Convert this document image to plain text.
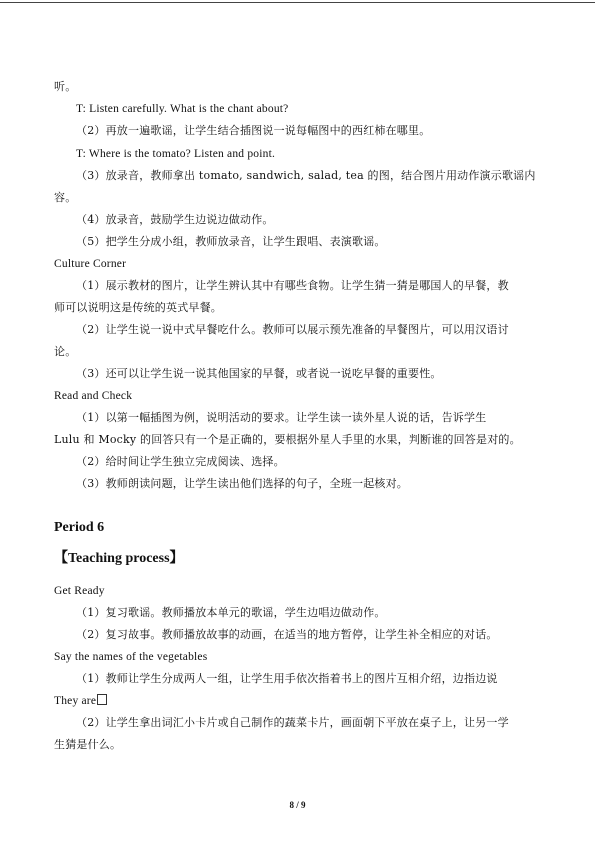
听。
T: Listen carefully. What is the chant about?
（2）再放一遍歌谣，让学生结合插图说一说每幅图中的西红柿在哪里。
T: Where is the tomato? Listen and point.
（3）放录音，教师拿出 tomato, sandwich, salad, tea 的图，结合图片用动作演示歌谣内
容。
（4）放录音，鼓励学生边说边做动作。
（5）把学生分成小组，教师放录音，让学生跟唱、表演歌谣。
Culture Corner
（1）展示教材的图片，让学生辨认其中有哪些食物。让学生猜一猜是哪国人的早餐，教
师可以说明这是传统的英式早餐。
（2）让学生说一说中式早餐吃什么。教师可以展示预先准备的早餐图片，可以用汉语讨
论。
（3）还可以让学生说一说其他国家的早餐，或者说一说吃早餐的重要性。
Read and Check
（1）以第一幅插图为例，说明活动的要求。让学生读一读外星人说的话，告诉学生
Lulu 和 Mocky 的回答只有一个是正确的，要根据外星人手里的水果，判断谁的回答是对的。
（2）给时间让学生独立完成阅读、选择。
（3）教师朗读问题，让学生读出他们选择的句子，全班一起核对。
Period 6
【Teaching process】
Get Ready
（1）复习歌谣。教师播放本单元的歌谣，学生边唱边做动作。
（2）复习故事。教师播放故事的动画，在适当的地方暂停，让学生补全相应的对话。
Say the names of the vegetables
（1）教师让学生分成两人一组，让学生用手依次指着书上的图片互相介绍，边指边说
They are
（2）让学生拿出词汇小卡片或自己制作的蔬菜卡片，画面朝下平放在桌子上，让另一学
生猜是什么。
8 / 9
